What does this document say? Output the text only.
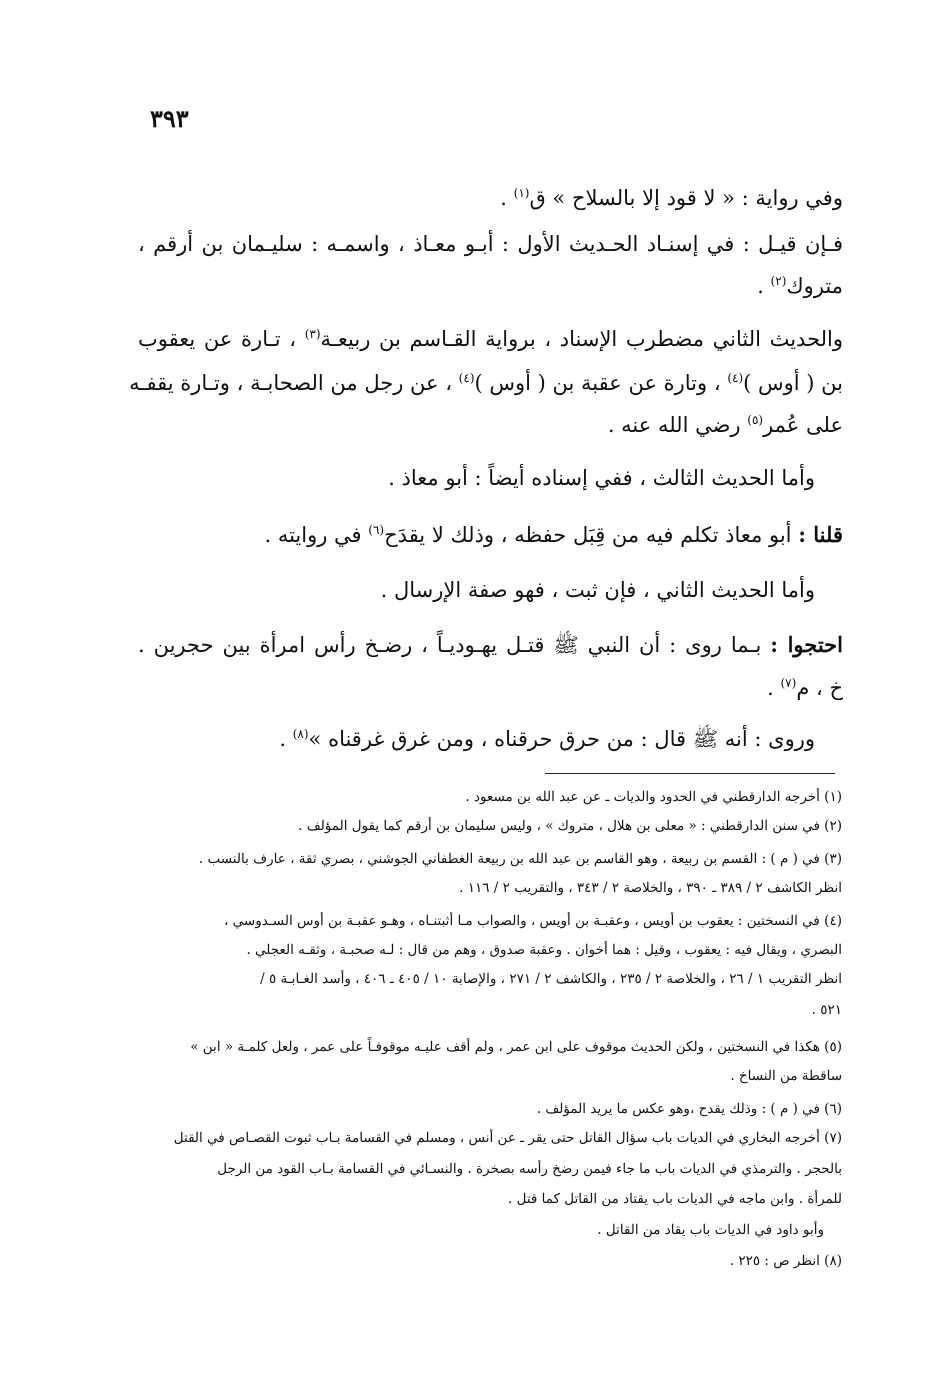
٣٩٣
وفي رواية : « لا قود إلا بالسلاح » ق$^{(١)}$ .
فـإن قيـل : في إسنـاد الحـديث الأول : أبـو معـاذ ، واسمـه : سليـمان بن أرقم ،
متروك$^{(٢)}$ .
والحديث الثاني مضطرب الإسناد ، برواية القـاسم بن ربيعـة$^{(٣)}$ ، تـارة عن يعقوب
بن ( أوس )$^{(٤)}$ ، وتارة عن عقبة بن ( أوس )$^{(٤)}$ ، عن رجل من الصحابـة ، وتـارة يقفـه
على عُمر$^{(٥)}$ رضي الله عنه .
وأما الحديث الثالث ، ففي إسناده أيضاً : أبو معاذ .
قلنا : أبو معاذ تكلم فيه من قِبَل حفظه ، وذلك لا يقدَح$^{(٦)}$ في روايته .
وأما الحديث الثاني ، فإن ثبت ، فهو صفة الإرسال .
احتجوا : بـما روى : أن النبي ﷺ قتـل يهـوديـاً ، رضـخ رأس امرأة بين حجرين .
خ ، م$^{(٧)}$ .
وروى : أنه ﷺ قال : من حرق حرقناه ، ومن غرق غرقناه »$^{(٨)}$ .
(١) أخرجه الدارقطني في الحدود والديات ـ عن عبد الله بن مسعود .
(٢) في سنن الدارقطني : « معلى بن هلال ، متروك » ، وليس سليمان بن أرقم كما يقول المؤلف .
(٣) في ( م ) : القسم بن ربيعة ، وهو القاسم بن عبد الله بن ربيعة الغطفاني الجوشني ، بصري ثقة ، عارف بالنسب .
انظر الكاشف ٢ / ٣٨٩ ـ ٣٩٠ ، والخلاصة ٢ / ٣٤٣ ، والتقريب ٢ / ١١٦ .
(٤) في النسختين : يعقوب بن أويس ، وعقبـة بن أويس ، والصواب مـا أثبتنـاه ، وهـو عقبـة بن أوس السـدوسي ،
البصري ، ويقال فيه : يعقوب ، وقيل : هما أخوان . وعقبة صدوق ، وهم من قال : لـه صحبـة ، وثقـه العجلي .
انظر التقريب ١ / ٢٦ ، والخلاصة ٢ / ٢٣٥ ، والكاشف ٢ / ٢٧١ ، والإصابة ١٠ / ٤٠٥ ـ ٤٠٦ ، وأسد الغـابـة ٥ /
٥٢١ .
(٥) هكذا في النسختين ، ولكن الحديث موقوف على ابن عمر ، ولم أقف عليـه موقوفـاً على عمر ، ولعل كلمـة « ابن »
ساقطة من النساخ .
(٦) في ( م ) : وذلك يقدح ،وهو عكس ما يريد المؤلف .
(٧) أخرجه البخاري في الديات باب سؤال القاتل حتى يقر ـ عن أنس ، ومسلم في القسامة بـاب ثبوت القصـاص في القتل
بالحجر . والترمذي في الديات باب ما جاء فيمن رضخ رأسه بصخرة . والنسـائي في القسامة بـاب القود من الرجل
للمرأة . وابن ماجه في الديات باب يقتاد من القاتل كما قتل .
وأبو داود في الديات باب يقاد من القاتل .
(٨) انظر ص : ٢٢٥ .
